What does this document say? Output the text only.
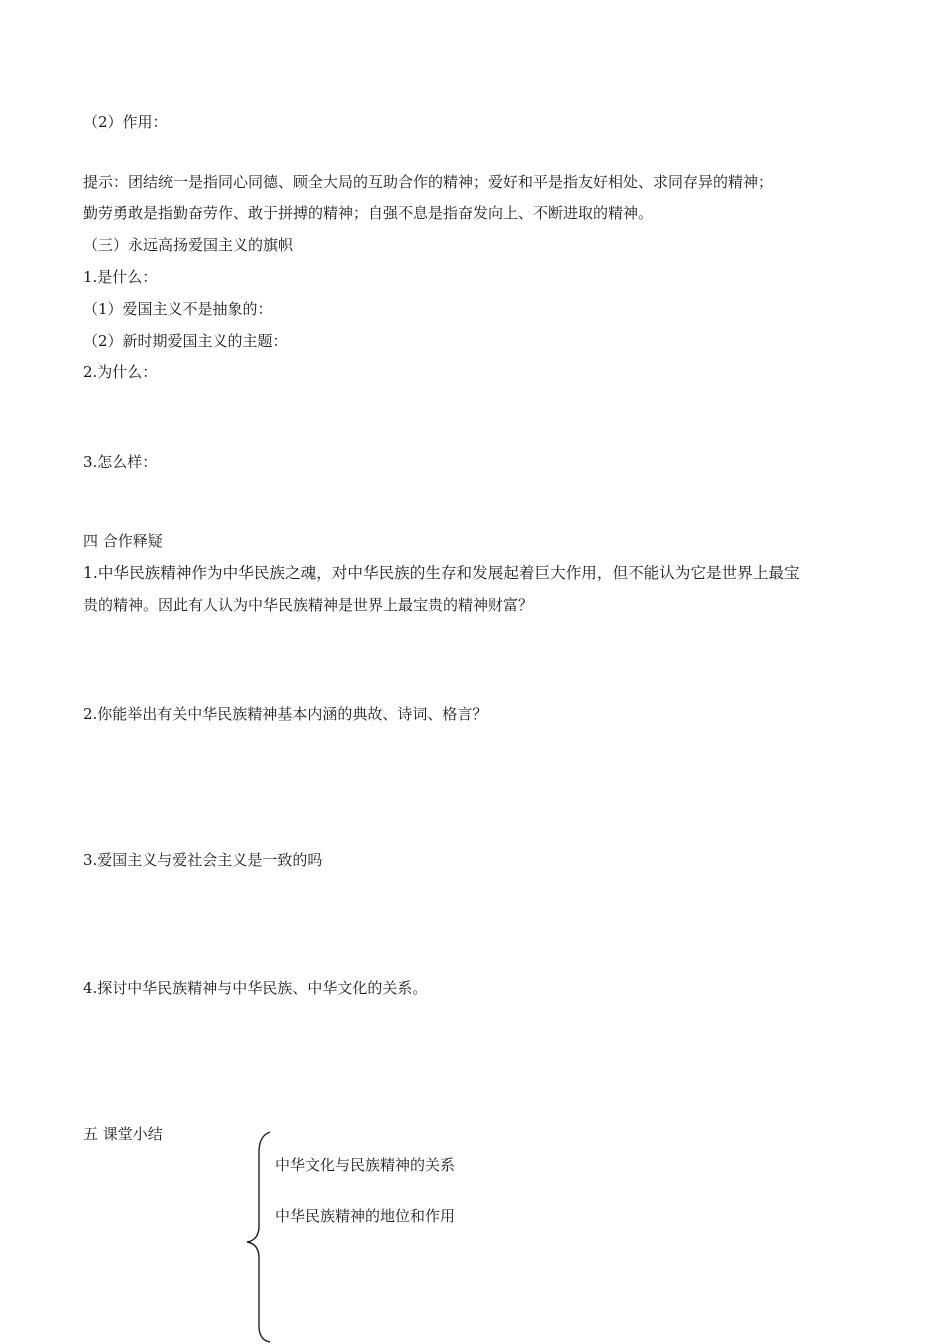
（2）作用：
提示：团结统一是指同心同德、顾全大局的互助合作的精神；爱好和平是指友好相处、求同存异的精神；
勤劳勇敢是指勤奋劳作、敢于拼搏的精神；自强不息是指奋发向上、不断进取的精神。
（三）永远高扬爱国主义的旗帜
1.是什么：
（1）爱国主义不是抽象的：
（2）新时期爱国主义的主题：
2.为什么：
3.怎么样：
四 合作释疑
1.中华民族精神作为中华民族之魂，对中华民族的生存和发展起着巨大作用，但不能认为它是世界上最宝
贵的精神。因此有人认为中华民族精神是世界上最宝贵的精神财富？
2.你能举出有关中华民族精神基本内涵的典故、诗词、格言？
3.爱国主义与爱社会主义是一致的吗
4.探讨中华民族精神与中华民族、中华文化的关系。
五 课堂小结
中华文化与民族精神的关系
中华民族精神的地位和作用
